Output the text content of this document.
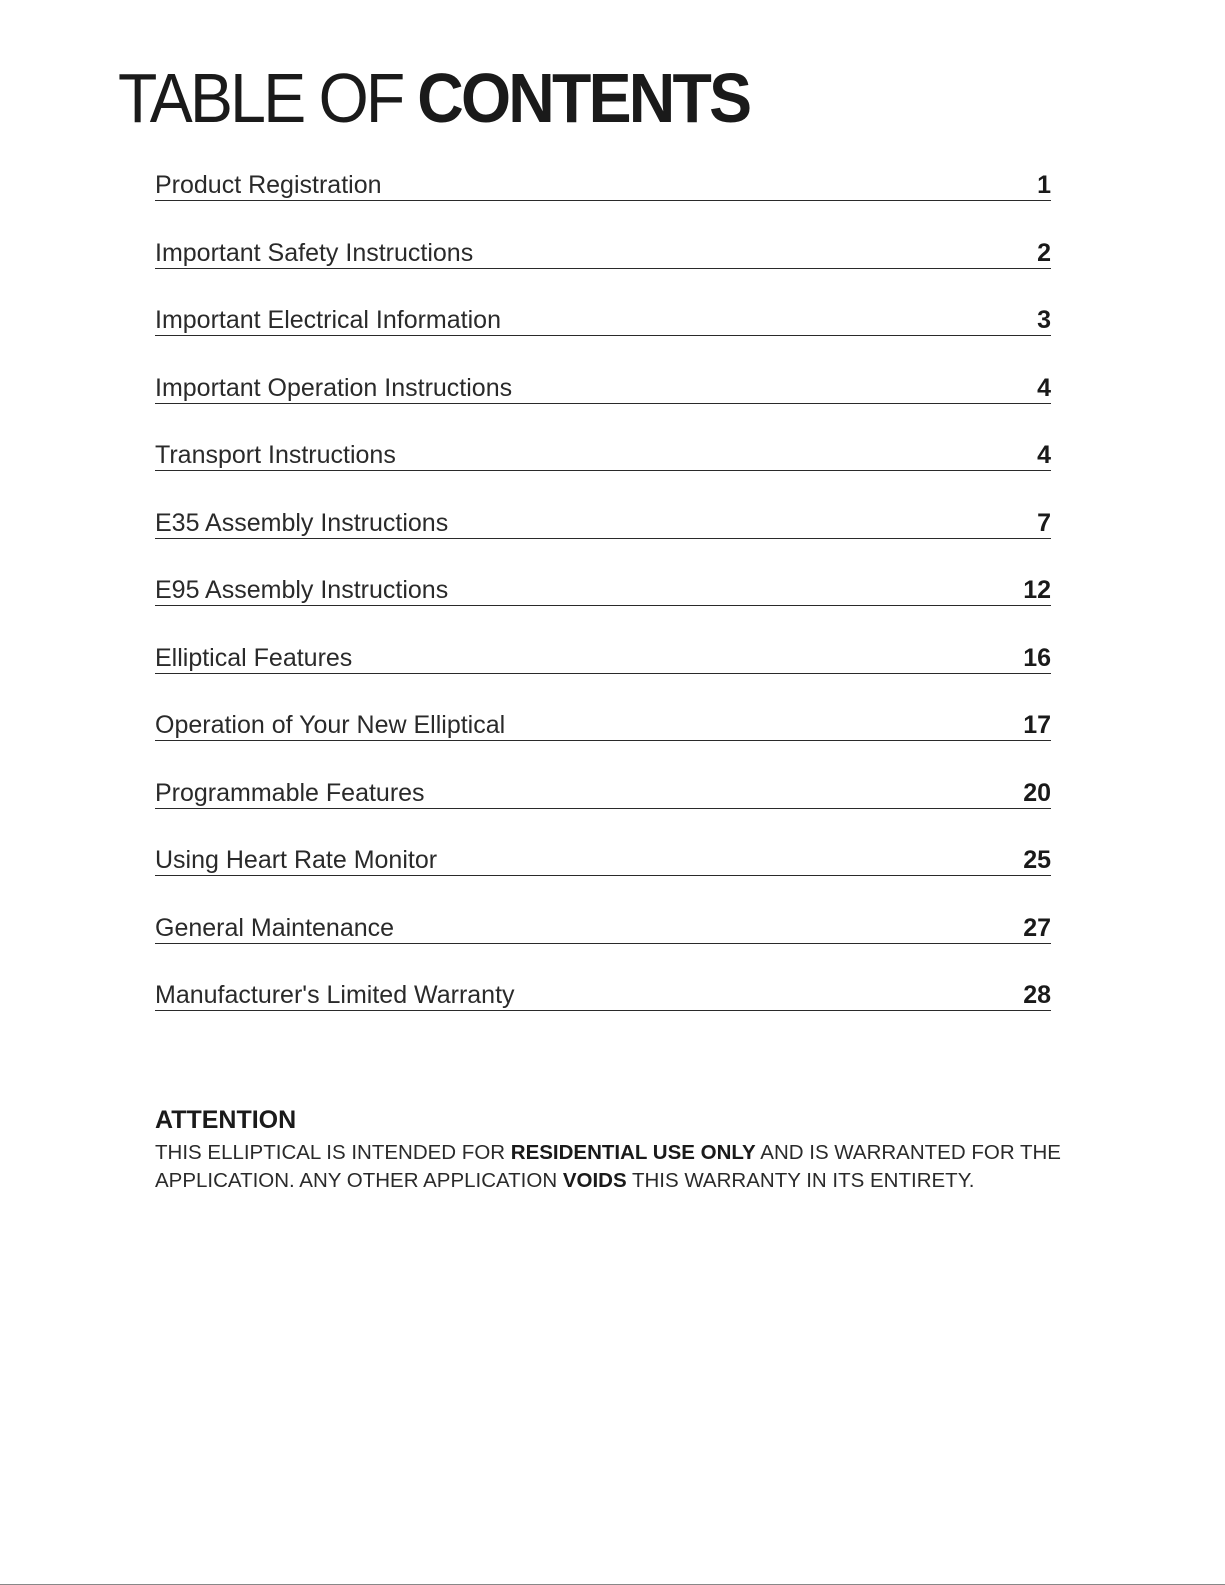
TABLE OF CONTENTS
Product Registration	1
Important Safety Instructions	2
Important Electrical Information	3
Important Operation Instructions	4
Transport Instructions	4
E35 Assembly Instructions	7
E95 Assembly Instructions	12
Elliptical Features	16
Operation of Your New Elliptical	17
Programmable Features	20
Using Heart Rate Monitor	25
General Maintenance	27
Manufacturer's Limited Warranty	28
ATTENTION

THIS ELLIPTICAL IS INTENDED FOR RESIDENTIAL USE ONLY AND IS WARRANTED FOR THE
APPLICATION. ANY OTHER APPLICATION VOIDS THIS WARRANTY IN ITS ENTIRETY.
